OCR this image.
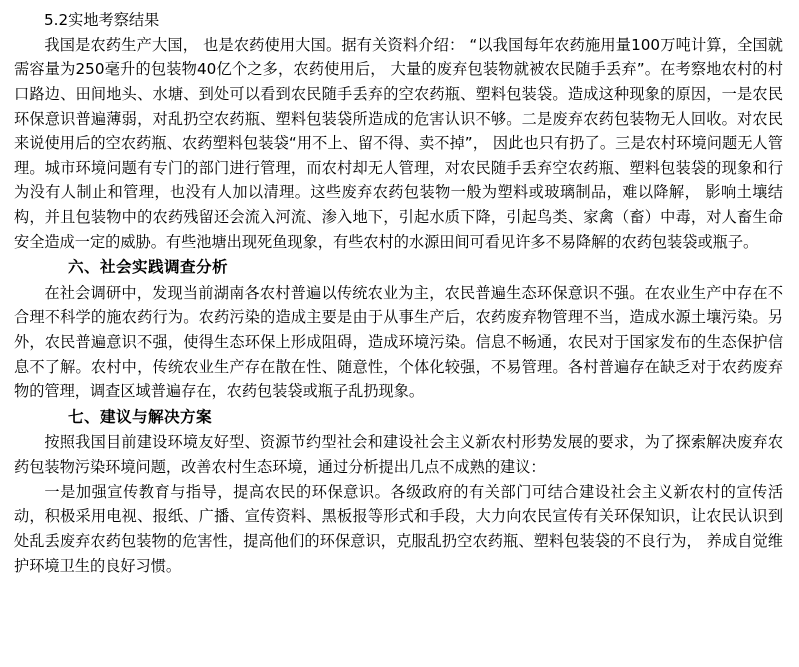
5.2实地考察结果

我国是农药生产大国， 也是农药使用大国。据有关资料介绍： “以我国每年农药施用量100万吨计算，全国就需容量为250毫升的包装物40亿个之多，农药使用后， 大量的废弃包装物就被农民随手丢弃”。在考察地农村的村口路边、田间地头、水塘、到处可以看到农民随手丢弃的空农药瓶、塑料包装袋。造成这种现象的原因，一是农民环保意识普遍薄弱，对乱扔空农药瓶、塑料包装袋所造成的危害认识不够。二是废弃农药包装物无人回收。对农民来说使用后的空农药瓶、农药塑料包装袋“用不上、留不得、卖不掉”， 因此也只有扔了。三是农村环境问题无人管理。城市环境问题有专门的部门进行管理，而农村却无人管理，对农民随手丢弃空农药瓶、塑料包装袋的现象和行为没有人制止和管理，也没有人加以清理。这些废弃农药包装物一般为塑料或玻璃制品，难以降解， 影响土壤结构，并且包装物中的农药残留还会流入河流、渗入地下，引起水质下降，引起鸟类、家禽（畜）中毒，对人畜生命安全造成一定的威胁。有些池塘出现死鱼现象，有些农村的水源田间可看见许多不易降解的农药包装袋或瓶子。

六、社会实践调查分析

在社会调研中，发现当前湖南各农村普遍以传统农业为主，农民普遍生态环保意识不强。在农业生产中存在不合理不科学的施农药行为。农药污染的造成主要是由于从事生产后，农药废弃物管理不当，造成水源土壤污染。另外，农民普遍意识不强，使得生态环保上形成阻碍，造成环境污染。信息不畅通，农民对于国家发布的生态保护信息不了解。农村中，传统农业生产存在散在性、随意性，个体化较强，不易管理。各村普遍存在缺乏对于农药废弃物的管理，调查区域普遍存在，农药包装袋或瓶子乱扔现象。

七、建议与解决方案

按照我国目前建设环境友好型、资源节约型社会和建设社会主义新农村形势发展的要求，为了探索解决废弃农药包装物污染环境问题，改善农村生态环境，通过分析提出几点不成熟的建议：

一是加强宣传教育与指导，提高农民的环保意识。各级政府的有关部门可结合建设社会主义新农村的宣传活动，积极采用电视、报纸、广播、宣传资料、黑板报等形式和手段，大力向农民宣传有关环保知识，让农民认识到处乱丢废弃农药包装物的危害性，提高他们的环保意识，克服乱扔空农药瓶、塑料包装袋的不良行为， 养成自觉维护环境卫生的良好习惯。
